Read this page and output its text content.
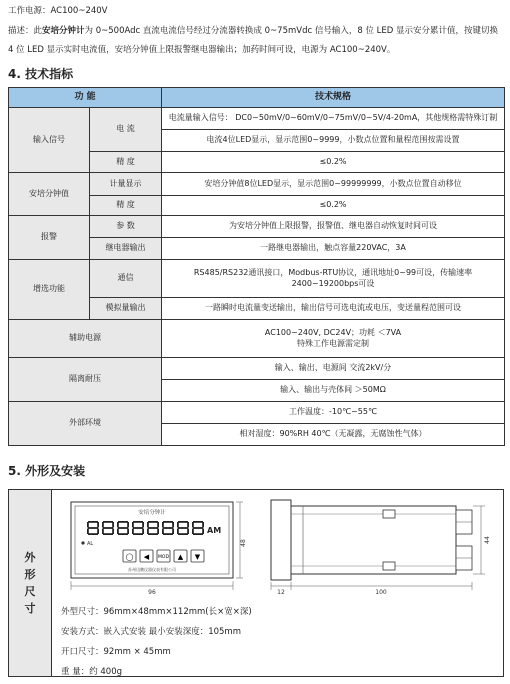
工作电源：AC100~240V
描述：此安培分钟计为 0~500Adc 直流电流信号经过分流器转换成 0~75mVdc 信号输入，8 位 LED 显示安分累计值，按键切换
4 位 LED 显示实时电流值，安培分钟值上限报警继电器输出；加药时间可设，电源为 AC100~240V。
4. 技术指标
功 能		技术规格
输入信号	电 流	电流量输入信号： DC0~50mV/0~60mV/0~75mV/0~5V/4-20mA，其他规格需特殊订制
		电流4位LED显示，显示范围0~9999，小数点位置和量程范围按需设置
	精 度	≤0.2%
安培分钟值	计量显示	安培分钟值8位LED显示，显示范围0~99999999，小数点位置自动移位
	精 度	≤0.2%
报警	参 数	为安培分钟值上限报警，报警值、继电器自动恢复时间可设
	继电器输出	一路继电器输出，触点容量220VAC，3A
增选功能	通信	RS485/RS232通讯接口，Modbus-RTU协议，通讯地址0~99可设，传输速率
2400~19200bps可设
	模拟量输出	一路瞬时电流量变送输出，输出信号可选电流或电压，变送量程范围可设
辅助电源		AC100~240V, DC24V；功耗 ＜7VA
特殊工作电源需定制
隔离耐压		输入、输出、电源间 交流2kV/分
		输入、输出与壳体间 ＞50MΩ
外部环境		工作温度：-10℃~55℃
		相对湿度：90%RH 40℃（无凝露，无腐蚀性气体）
5. 外形及安装
外
形
尺
寸
安培分钟计
AM
AL
◯ ◀ MOD ▲ ▼
苏州迅鹏仪器仪表有限公司
48
96
44
12	100
外型尺寸：96mm×48mm×112mm(长×宽×深)
安装方式：嵌入式安装 最小安装深度：105mm
开口尺寸：92mm × 45mm
重 量：约 400g
